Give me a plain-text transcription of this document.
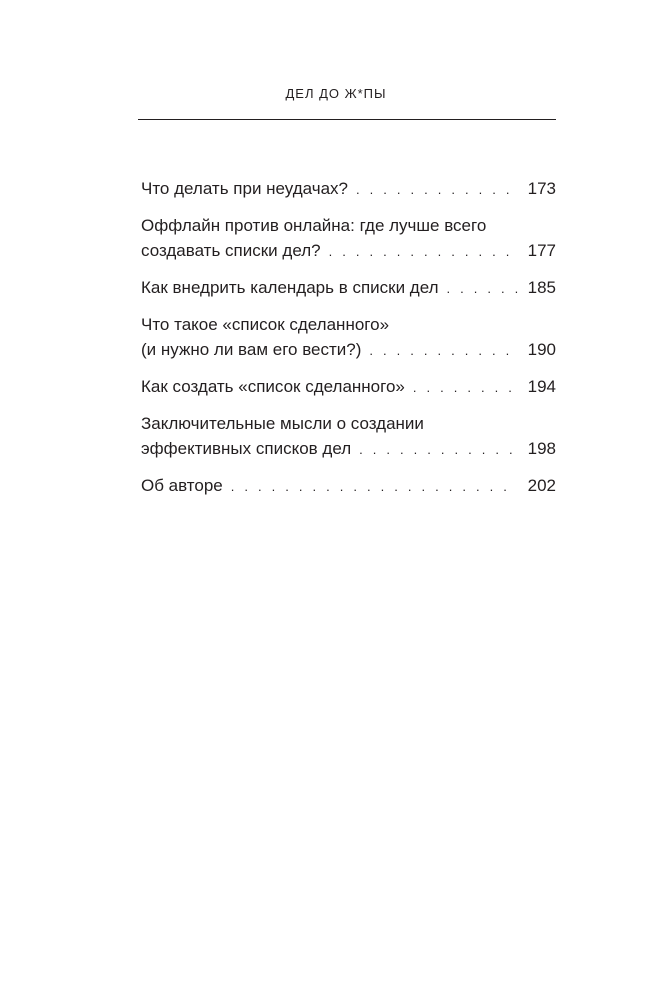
ДЕЛ ДО Ж*ПЫ
Что делать при неудачах? . . .	173
Оффлайн против онлайна: где лучше всего
создавать списки дел? . . .	177
Как внедрить календарь в списки дел . . .	185
Что такое «список сделанного»
(и нужно ли вам его вести?) . . .	190
Как создать «список сделанного» . . .	194
Заключительные мысли о создании
эффективных списков дел . . .	198
Об авторе . . .	202
